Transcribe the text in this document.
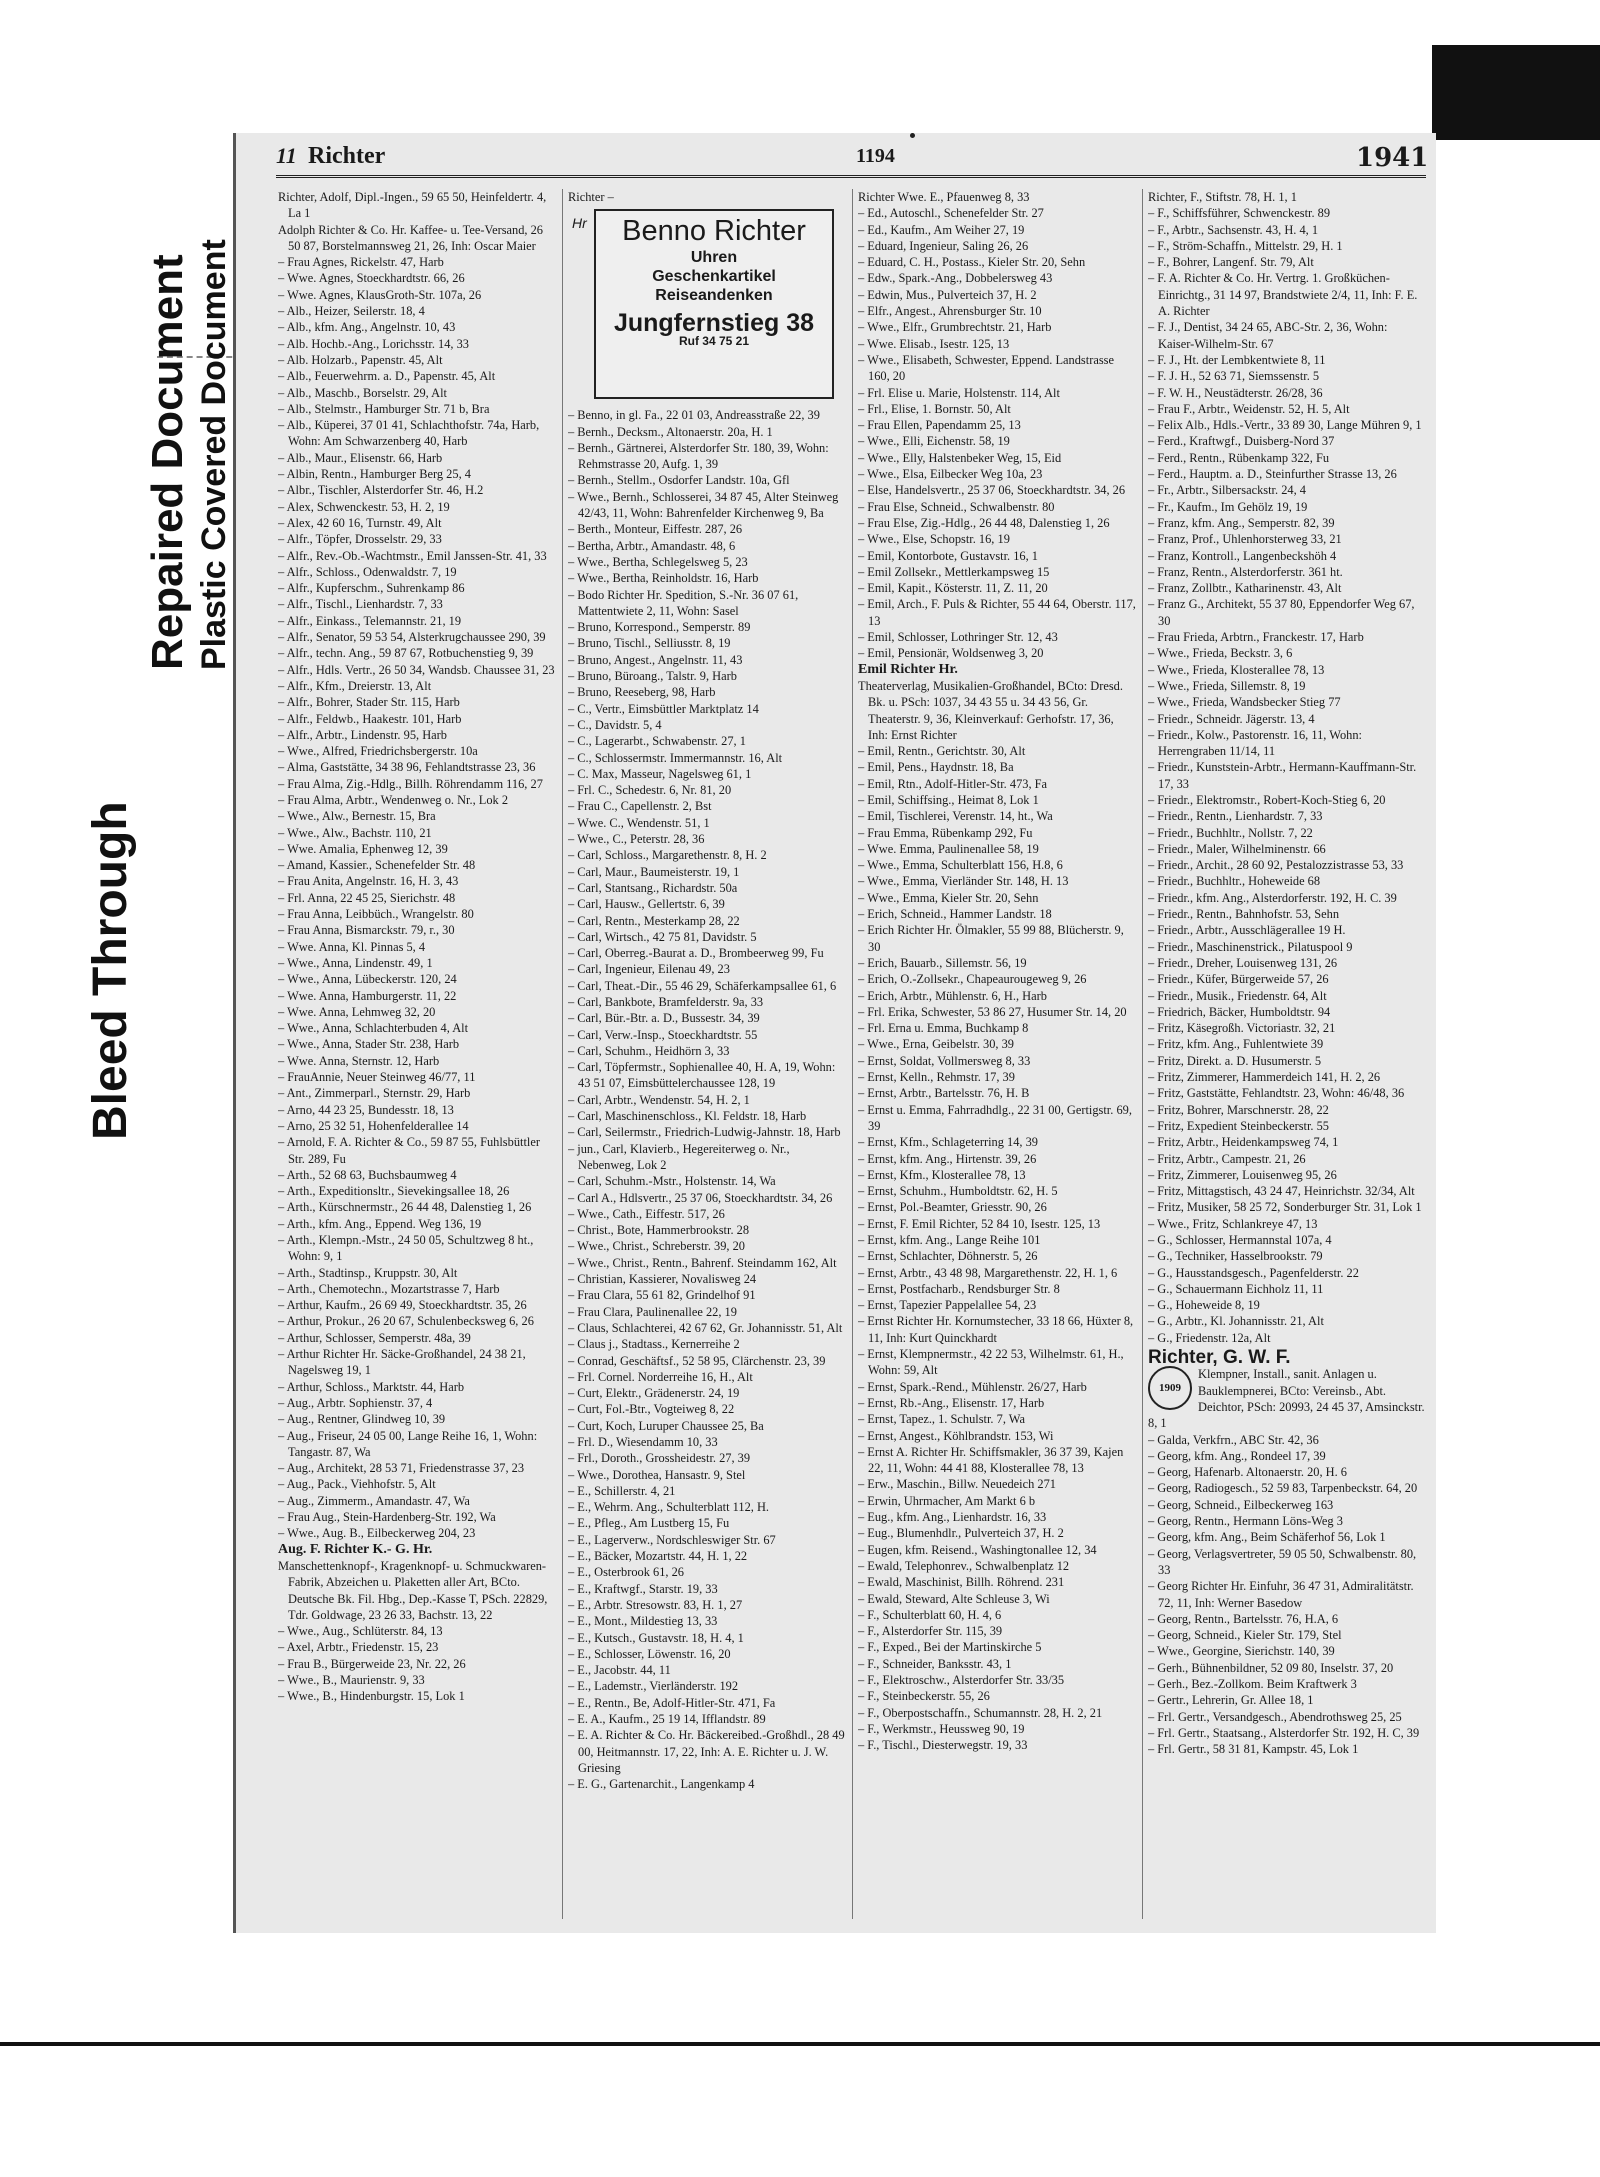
Bleed Through
Repaired Document Plastic Covered Document
11 Richter	1194	1941

Richter, Adolf, Dipl.-Ingen., 59 65 50, Heinfeldertr. 4, La 1

Adolph Richter & Co. Hr. Kaffee- u. Tee-Versand, 26 50 87, Borstelmannsweg 21, 26, Inh: Oscar Maier

– Frau Agnes, Rickelstr. 47, Harb

– Wwe. Agnes, Stoeckhardtstr. 66, 26

– Wwe. Agnes, KlausGroth-Str. 107a, 26

– Alb., Heizer, Seilerstr. 18, 4

– Alb., kfm. Ang., Angelnstr. 10, 43

– Alb. Hochb.-Ang., Lorichsstr. 14, 33

– Alb. Holzarb., Papenstr. 45, Alt

– Alb., Feuerwehrm. a. D., Papenstr. 45, Alt

– Alb., Maschb., Borselstr. 29, Alt

– Alb., Stelmstr., Hamburger Str. 71 b, Bra

– Alb., Küperei, 37 01 41, Schlachthofstr. 74a, Harb, Wohn: Am Schwarzenberg 40, Harb

– Alb., Maur., Elisenstr. 66, Harb

– Albin, Rentn., Hamburger Berg 25, 4

– Albr., Tischler, Alsterdorfer Str. 46, H.2

– Alex, Schwenckestr. 53, H. 2, 19

– Alex, 42 60 16, Turnstr. 49, Alt

– Alfr., Töpfer, Drosselstr. 29, 33

– Alfr., Rev.-Ob.-Wachtmstr., Emil Janssen-Str. 41, 33

– Alfr., Schloss., Odenwaldstr. 7, 19

– Alfr., Kupferschm., Suhrenkamp 86

– Alfr., Tischl., Lienhardstr. 7, 33

– Alfr., Einkass., Telemannstr. 21, 19

– Alfr., Senator, 59 53 54, Alsterkrugchaussee 290, 39

– Alfr., techn. Ang., 59 87 67, Rotbuchenstieg 9, 39

– Alfr., Hdls. Vertr., 26 50 34, Wandsb. Chaussee 31, 23

– Alfr., Kfm., Dreierstr. 13, Alt

– Alfr., Bohrer, Stader Str. 115, Harb

– Alfr., Feldwb., Haakestr. 101, Harb

– Alfr., Arbtr., Lindenstr. 95, Harb

– Wwe., Alfred, Friedrichsbergerstr. 10a

– Alma, Gaststätte, 34 38 96, Fehlandtstrasse 23, 36

– Frau Alma, Zig.-Hdlg., Billh. Röhrendamm 116, 27

– Frau Alma, Arbtr., Wendenweg o. Nr., Lok 2

– Wwe., Alw., Bernestr. 15, Bra

– Wwe., Alw., Bachstr. 110, 21

– Wwe. Amalia, Ephenweg 12, 39

– Amand, Kassier., Schenefelder Str. 48

– Frau Anita, Angelnstr. 16, H. 3, 43

– Frl. Anna, 22 45 25, Sierichstr. 48

– Frau Anna, Leibbüch., Wrangelstr. 80

– Frau Anna, Bismarckstr. 79, r., 30

– Wwe. Anna, Kl. Pinnas 5, 4

– Wwe., Anna, Lindenstr. 49, 1

– Wwe., Anna, Lübeckerstr. 120, 24

– Wwe. Anna, Hamburgerstr. 11, 22

– Wwe. Anna, Lehmweg 32, 20

– Wwe., Anna, Schlachterbuden 4, Alt

– Wwe., Anna, Stader Str. 238, Harb

– Wwe. Anna, Sternstr. 12, Harb

– FrauAnnie, Neuer Steinweg 46/77, 11

– Ant., Zimmerparl., Sternstr. 29, Harb

– Arno, 44 23 25, Bundesstr. 18, 13

– Arno, 25 32 51, Hohenfelderallee 14

– Arnold, F. A. Richter & Co., 59 87 55, Fuhlsbüttler Str. 289, Fu

– Arth., 52 68 63, Buchsbaumweg 4

– Arth., Expeditionsltr., Sievekingsallee 18, 26

– Arth., Kürschnermstr., 26 44 48, Dalenstieg 1, 26

– Arth., kfm. Ang., Eppend. Weg 136, 19

– Arth., Klempn.-Mstr., 24 50 05, Schultzweg 8 ht., Wohn: 9, 1

– Arth., Stadtinsp., Kruppstr. 30, Alt

– Arth., Chemotechn., Mozartstrasse 7, Harb

– Arthur, Kaufm., 26 69 49, Stoeckhardtstr. 35, 26

– Arthur, Prokur., 26 20 67, Schulenbecksweg 6, 26

– Arthur, Schlosser, Semperstr. 48a, 39

– Arthur Richter Hr. Säcke-Großhandel, 24 38 21, Nagelsweg 19, 1

– Arthur, Schloss., Marktstr. 44, Harb

– Aug., Arbtr. Sophienstr. 37, 4

– Aug., Rentner, Glindweg 10, 39

– Aug., Friseur, 24 05 00, Lange Reihe 16, 1, Wohn: Tangastr. 87, Wa

– Aug., Architekt, 28 53 71, Friedenstrasse 37, 23

– Aug., Pack., Viehhofstr. 5, Alt

– Aug., Zimmerm., Amandastr. 47, Wa

– Frau Aug., Stein-Hardenberg-Str. 192, Wa

– Wwe., Aug. B., Eilbeckerweg 204, 23

Aug. F. Richter K.- G. Hr.

Manschettenknopf-, Kragenknopf- u. Schmuckwaren-Fabrik, Abzeichen u. Plaketten aller Art, BCto. Deutsche Bk. Fil. Hbg., Dep.-Kasse T, PSch. 22829, Tdr. Goldwage, 23 26 33, Bachstr. 13, 22

– Wwe., Aug., Schlüterstr. 84, 13

– Axel, Arbtr., Friedenstr. 15, 23

– Frau B., Bürgerweide 23, Nr. 22, 26

– Wwe., B., Maurienstr. 9, 33

– Wwe., B., Hindenburgstr. 15, Lok 1

Richter –

Hr	Benno Richter
Uhren
Geschenkartikel
Reiseandenken
Jungfernstieg 38
Ruf 34 75 21

– Benno, in gl. Fa., 22 01 03, Andreasstraße 22, 39

– Bernh., Decksm., Altonaerstr. 20a, H. 1

– Bernh., Gärtnerei, Alsterdorfer Str. 180, 39, Wohn: Rehmstrasse 20, Aufg. 1, 39

– Bernh., Stellm., Osdorfer Landstr. 10a, Gfl

– Wwe., Bernh., Schlosserei, 34 87 45, Alter Steinweg 42/43, 11, Wohn: Bahrenfelder Kirchenweg 9, Ba

– Berth., Monteur, Eiffestr. 287, 26

– Bertha, Arbtr., Amandastr. 48, 6

– Wwe., Bertha, Schlegelsweg 5, 23

– Wwe., Bertha, Reinholdstr. 16, Harb

– Bodo Richter Hr. Spedition, S.-Nr. 36 07 61, Mattentwiete 2, 11, Wohn: Sasel

– Bruno, Korrespond., Semperstr. 89

– Bruno, Tischl., Selliusstr. 8, 19

– Bruno, Angest., Angelnstr. 11, 43

– Bruno, Büroang., Talstr. 9, Harb

– Bruno, Reeseberg, 98, Harb

– C., Vertr., Eimsbüttler Marktplatz 14

– C., Davidstr. 5, 4

– C., Lagerarbt., Schwabenstr. 27, 1

– C., Schlossermstr. Immermannstr. 16, Alt

– C. Max, Masseur, Nagelsweg 61, 1

– Frl. C., Schedestr. 6, Nr. 81, 20

– Frau C., Capellenstr. 2, Bst

– Wwe. C., Wendenstr. 51, 1

– Wwe., C., Peterstr. 28, 36

– Carl, Schloss., Margarethenstr. 8, H. 2

– Carl, Maur., Baumeisterstr. 19, 1

– Carl, Stantsang., Richardstr. 50a

– Carl, Hausw., Gellertstr. 6, 39

– Carl, Rentn., Mesterkamp 28, 22

– Carl, Wirtsch., 42 75 81, Davidstr. 5

– Carl, Oberreg.-Baurat a. D., Brombeerweg 99, Fu

– Carl, Ingenieur, Eilenau 49, 23

– Carl, Theat.-Dir., 55 46 29, Schäferkampsallee 61, 6

– Carl, Bankbote, Bramfelderstr. 9a, 33

– Carl, Bür.-Btr. a. D., Bussestr. 34, 39

– Carl, Verw.-Insp., Stoeckhardtstr. 55

– Carl, Schuhm., Heidhörn 3, 33

– Carl, Töpfermstr., Sophienallee 40, H. A, 19, Wohn: 43 51 07, Eimsbüttelerchaussee 128, 19

– Carl, Arbtr., Wendenstr. 54, H. 2, 1

– Carl, Maschinenschloss., Kl. Feldstr. 18, Harb

– Carl, Seilermstr., Friedrich-Ludwig-Jahnstr. 18, Harb

– jun., Carl, Klavierb., Hegereiterweg o. Nr., Nebenweg, Lok 2

– Carl, Schuhm.-Mstr., Holstenstr. 14, Wa

– Carl A., Hdlsvertr., 25 37 06, Stoeckhardtstr. 34, 26

– Wwe., Cath., Eiffestr. 517, 26

– Christ., Bote, Hammerbrookstr. 28

– Wwe., Christ., Schreberstr. 39, 20

– Wwe., Christ., Rentn., Bahrenf. Steindamm 162, Alt

– Christian, Kassierer, Novalisweg 24

– Frau Clara, 55 61 82, Grindelhof 91

– Frau Clara, Paulinenallee 22, 19

– Claus, Schlachterei, 42 67 62, Gr. Johannisstr. 51, Alt

– Claus j., Stadtass., Kernerreihe 2

– Conrad, Geschäftsf., 52 58 95, Clärchenstr. 23, 39

– Frl. Cornel. Norderreihe 16, H., Alt

– Curt, Elektr., Grädenerstr. 24, 19

– Curt, Fol.-Btr., Vogteiweg 8, 22

– Curt, Koch, Luruper Chaussee 25, Ba

– Frl. D., Wiesendamm 10, 33

– Frl., Doroth., Grossheidestr. 27, 39

– Wwe., Dorothea, Hansastr. 9, Stel

– E., Schillerstr. 4, 21

– E., Wehrm. Ang., Schulterblatt 112, H.

– E., Pfleg., Am Lustberg 15, Fu

– E., Lagerverw., Nordschleswiger Str. 67

– E., Bäcker, Mozartstr. 44, H. 1, 22

– E., Osterbrook 61, 26

– E., Kraftwgf., Starstr. 19, 33

– E., Arbtr. Stresowstr. 83, H. 1, 27

– E., Mont., Mildestieg 13, 33

– E., Kutsch., Gustavstr. 18, H. 4, 1

– E., Schlosser, Löwenstr. 16, 20

– E., Jacobstr. 44, 11

– E., Lademstr., Vierländerstr. 192

– E., Rentn., Be, Adolf-Hitler-Str. 471, Fa

– E. A., Kaufm., 25 19 14, Ifflandstr. 89

– E. A. Richter & Co. Hr. Bäckereibed.-Großhdl., 28 49 00, Heitmannstr. 17, 22, Inh: A. E. Richter u. J. W. Griesing

– E. G., Gartenarchit., Langenkamp 4

Richter Wwe. E., Pfauenweg 8, 33

– Ed., Autoschl., Schenefelder Str. 27

– Ed., Kaufm., Am Weiher 27, 19

– Eduard, Ingenieur, Saling 26, 26

– Eduard, C. H., Postass., Kieler Str. 20, Sehn

– Edw., Spark.-Ang., Dobbelersweg 43

– Edwin, Mus., Pulverteich 37, H. 2

– Elfr., Angest., Ahrensburger Str. 10

– Wwe., Elfr., Grumbrechtstr. 21, Harb

– Wwe. Elisab., Isestr. 125, 13

– Wwe., Elisabeth, Schwester, Eppend. Landstrasse 160, 20

– Frl. Elise u. Marie, Holstenstr. 114, Alt

– Frl., Elise, 1. Bornstr. 50, Alt

– Frau Ellen, Papendamm 25, 13

– Wwe., Elli, Eichenstr. 58, 19

– Wwe., Elly, Halstenbeker Weg, 15, Eid

– Wwe., Elsa, Eilbecker Weg 10a, 23

– Else, Handelsvertr., 25 37 06, Stoeckhardtstr. 34, 26

– Frau Else, Schneid., Schwalbenstr. 80

– Frau Else, Zig.-Hdlg., 26 44 48, Dalenstieg 1, 26

– Wwe., Else, Schopstr. 16, 19

– Emil, Kontorbote, Gustavstr. 16, 1

– Emil Zollsekr., Mettlerkampsweg 15

– Emil, Kapit., Kösterstr. 11, Z. 11, 20

– Emil, Arch., F. Puls & Richter, 55 44 64, Oberstr. 117, 13

– Emil, Schlosser, Lothringer Str. 12, 43

– Emil, Pensionär, Woldsenweg 3, 20

Emil Richter Hr.

Theaterverlag, Musikalien-Großhandel, BCto: Dresd. Bk. u. PSch: 1037, 34 43 55 u. 34 43 56, Gr. Theaterstr. 9, 36, Kleinverkauf: Gerhofstr. 17, 36, Inh: Ernst Richter

– Emil, Rentn., Gerichtstr. 30, Alt

– Emil, Pens., Haydnstr. 18, Ba

– Emil, Rtn., Adolf-Hitler-Str. 473, Fa

– Emil, Schiffsing., Heimat 8, Lok 1

– Emil, Tischlerei, Verenstr. 14, ht., Wa

– Frau Emma, Rübenkamp 292, Fu

– Wwe. Emma, Paulinenallee 58, 19

– Wwe., Emma, Schulterblatt 156, H.8, 6

– Wwe., Emma, Vierländer Str. 148, H. 13

– Wwe., Emma, Kieler Str. 20, Sehn

– Erich, Schneid., Hammer Landstr. 18

– Erich Richter Hr. Ölmakler, 55 99 88, Blücherstr. 9, 30

– Erich, Bauarb., Sillemstr. 56, 19

– Erich, O.-Zollsekr., Chapeaurougeweg 9, 26

– Erich, Arbtr., Mühlenstr. 6, H., Harb

– Frl. Erika, Schwester, 53 86 27, Husumer Str. 14, 20

– Frl. Erna u. Emma, Buchkamp 8

– Wwe., Erna, Geibelstr. 30, 39

– Ernst, Soldat, Vollmersweg 8, 33

– Ernst, Kelln., Rehmstr. 17, 39

– Ernst, Arbtr., Bartelsstr. 76, H. B

– Ernst u. Emma, Fahrradhdlg., 22 31 00, Gertigstr. 69, 39

– Ernst, Kfm., Schlageterring 14, 39

– Ernst, kfm. Ang., Hirtenstr. 39, 26

– Ernst, Kfm., Klosterallee 78, 13

– Ernst, Schuhm., Humboldtstr. 62, H. 5

– Ernst, Pol.-Beamter, Griesstr. 90, 26

– Ernst, F. Emil Richter, 52 84 10, Isestr. 125, 13

– Ernst, kfm. Ang., Lange Reihe 101

– Ernst, Schlachter, Döhnerstr. 5, 26

– Ernst, Arbtr., 43 48 98, Margarethenstr. 22, H. 1, 6

– Ernst, Postfacharb., Rendsburger Str. 8

– Ernst, Tapezier Pappelallee 54, 23

– Ernst Richter Hr. Kornumstecher, 33 18 66, Hüxter 8, 11, Inh: Kurt Quinckhardt

– Ernst, Klempnermstr., 42 22 53, Wilhelmstr. 61, H., Wohn: 59, Alt

– Ernst, Spark.-Rend., Mühlenstr. 26/27, Harb

– Ernst, Rb.-Ang., Elisenstr. 17, Harb

– Ernst, Tapez., 1. Schulstr. 7, Wa

– Ernst, Angest., Köhlbrandstr. 153, Wi

– Ernst A. Richter Hr. Schiffsmakler, 36 37 39, Kajen 22, 11, Wohn: 44 41 88, Klosterallee 78, 13

– Erw., Maschin., Billw. Neuedeich 271

– Erwin, Uhrmacher, Am Markt 6 b

– Eug., kfm. Ang., Lienhardstr. 16, 33

– Eug., Blumenhdlr., Pulverteich 37, H. 2

– Eugen, kfm. Reisend., Washingtonallee 12, 34

– Ewald, Telephonrev., Schwalbenplatz 12

– Ewald, Maschinist, Billh. Röhrend. 231

– Ewald, Steward, Alte Schleuse 3, Wi

– F., Schulterblatt 60, H. 4, 6

– F., Alsterdorfer Str. 115, 39

– F., Exped., Bei der Martinskirche 5

– F., Schneider, Banksstr. 43, 1

– F., Elektroschw., Alsterdorfer Str. 33/35

– F., Steinbeckerstr. 55, 26

– F., Oberpostschaffn., Schumannstr. 28, H. 2, 21

– F., Werkmstr., Heussweg 90, 19

– F., Tischl., Diesterwegstr. 19, 33

Richter, F., Stiftstr. 78, H. 1, 1

– F., Schiffsführer, Schwenckestr. 89

– F., Arbtr., Sachsenstr. 43, H. 4, 1

– F., Ström-Schaffn., Mittelstr. 29, H. 1

– F., Bohrer, Langenf. Str. 79, Alt

– F. A. Richter & Co. Hr. Vertrg. 1. Großküchen-Einrichtg., 31 14 97, Brandstwiete 2/4, 11, Inh: F. E. A. Richter

– F. J., Dentist, 34 24 65, ABC-Str. 2, 36, Wohn: Kaiser-Wilhelm-Str. 67

– F. J., Ht. der Lembkentwiete 8, 11

– F. J. H., 52 63 71, Siemssenstr. 5

– F. W. H., Neustädterstr. 26/28, 36

– Frau F., Arbtr., Weidenstr. 52, H. 5, Alt

– Felix Alb., Hdls.-Vertr., 33 89 30, Lange Mühren 9, 1

– Ferd., Kraftwgf., Duisberg-Nord 37

– Ferd., Rentn., Rübenkamp 322, Fu

– Ferd., Hauptm. a. D., Steinfurther Strasse 13, 26

– Fr., Arbtr., Silbersackstr. 24, 4

– Fr., Kaufm., Im Gehölz 19, 19

– Franz, kfm. Ang., Semperstr. 82, 39

– Franz, Prof., Uhlenhorsterweg 33, 21

– Franz, Kontroll., Langenbeckshöh 4

– Franz, Rentn., Alsterdorferstr. 361 ht.

– Franz, Zollbtr., Katharinenstr. 43, Alt

– Franz G., Architekt, 55 37 80, Eppendorfer Weg 67, 30

– Frau Frieda, Arbtrn., Franckestr. 17, Harb

– Wwe., Frieda, Beckstr. 3, 6

– Wwe., Frieda, Klosterallee 78, 13

– Wwe., Frieda, Sillemstr. 8, 19

– Wwe., Frieda, Wandsbecker Stieg 77

– Friedr., Schneidr. Jägerstr. 13, 4

– Friedr., Kolw., Pastorenstr. 16, 11, Wohn: Herrengraben 11/14, 11

– Friedr., Kunststein-Arbtr., Hermann-Kauffmann-Str. 17, 33

– Friedr., Elektromstr., Robert-Koch-Stieg 6, 20

– Friedr., Rentn., Lienhardstr. 7, 33

– Friedr., Buchhltr., Nollstr. 7, 22

– Friedr., Maler, Wilhelminenstr. 66

– Friedr., Archit., 28 60 92, Pestalozzistrasse 53, 33

– Friedr., Buchhltr., Hoheweide 68

– Friedr., kfm. Ang., Alsterdorferstr. 192, H. C. 39

– Friedr., Rentn., Bahnhofstr. 53, Sehn

– Friedr., Arbtr., Ausschlägerallee 19 H.

– Friedr., Maschinenstrick., Pilatuspool 9

– Friedr., Dreher, Louisenweg 131, 26

– Friedr., Küfer, Bürgerweide 57, 26

– Friedr., Musik., Friedenstr. 64, Alt

– Friedrich, Bäcker, Humboldtstr. 94

– Fritz, Käsegroßh. Victoriastr. 32, 21

– Fritz, kfm. Ang., Fuhlentwiete 39

– Fritz, Direkt. a. D. Husumerstr. 5

– Fritz, Zimmerer, Hammerdeich 141, H. 2, 26

– Fritz, Gaststätte, Fehlandtstr. 23, Wohn: 46/48, 36

– Fritz, Bohrer, Marschnerstr. 28, 22

– Fritz, Expedient Steinbeckerstr. 55

– Fritz, Arbtr., Heidenkampsweg 74, 1

– Fritz, Arbtr., Campestr. 21, 26

– Fritz, Zimmerer, Louisenweg 95, 26

– Fritz, Mittagstisch, 43 24 47, Heinrichstr. 32/34, Alt

– Fritz, Musiker, 58 25 72, Sonderburger Str. 31, Lok 1

– Wwe., Fritz, Schlankreye 47, 13

– G., Schlosser, Hermannstal 107a, 4

– G., Techniker, Hasselbrookstr. 79

– G., Hausstandsgesch., Pagenfelderstr. 22

– G., Schauermann Eichholz 11, 11

– G., Hoheweide 8, 19

– G., Arbtr., Kl. Johannisstr. 21, Alt

– G., Friedenstr. 12a, Alt

Richter, G. W. F.

1909
Klempner, Install., sanit. Anlagen u. Bauklempnerei, BCto: Vereinsb., Abt. Deichtor, PSch: 20993, 24 45 37, Amsinckstr. 8, 1

– Galda, Verkfrn., ABC Str. 42, 36

– Georg, kfm. Ang., Rondeel 17, 39

– Georg, Hafenarb. Altonaerstr. 20, H. 6

– Georg, Radiogesch., 52 59 83, Tarpenbeckstr. 64, 20

– Georg, Schneid., Eilbeckerweg 163

– Georg, Rentn., Hermann Löns-Weg 3

– Georg, kfm. Ang., Beim Schäferhof 56, Lok 1

– Georg, Verlagsvertreter, 59 05 50, Schwalbenstr. 80, 33

– Georg Richter Hr. Einfuhr, 36 47 31, Admiralitätstr. 72, 11, Inh: Werner Basedow

– Georg, Rentn., Bartelsstr. 76, H.A, 6

– Georg, Schneid., Kieler Str. 179, Stel

– Wwe., Georgine, Sierichstr. 140, 39

– Gerh., Bühnenbildner, 52 09 80, Inselstr. 37, 20

– Gerh., Bez.-Zollkom. Beim Kraftwerk 3

– Gertr., Lehrerin, Gr. Allee 18, 1

– Frl. Gertr., Versandgesch., Abendrothsweg 25, 25

– Frl. Gertr., Staatsang., Alsterdorfer Str. 192, H. C, 39

– Frl. Gertr., 58 31 81, Kampstr. 45, Lok 1
